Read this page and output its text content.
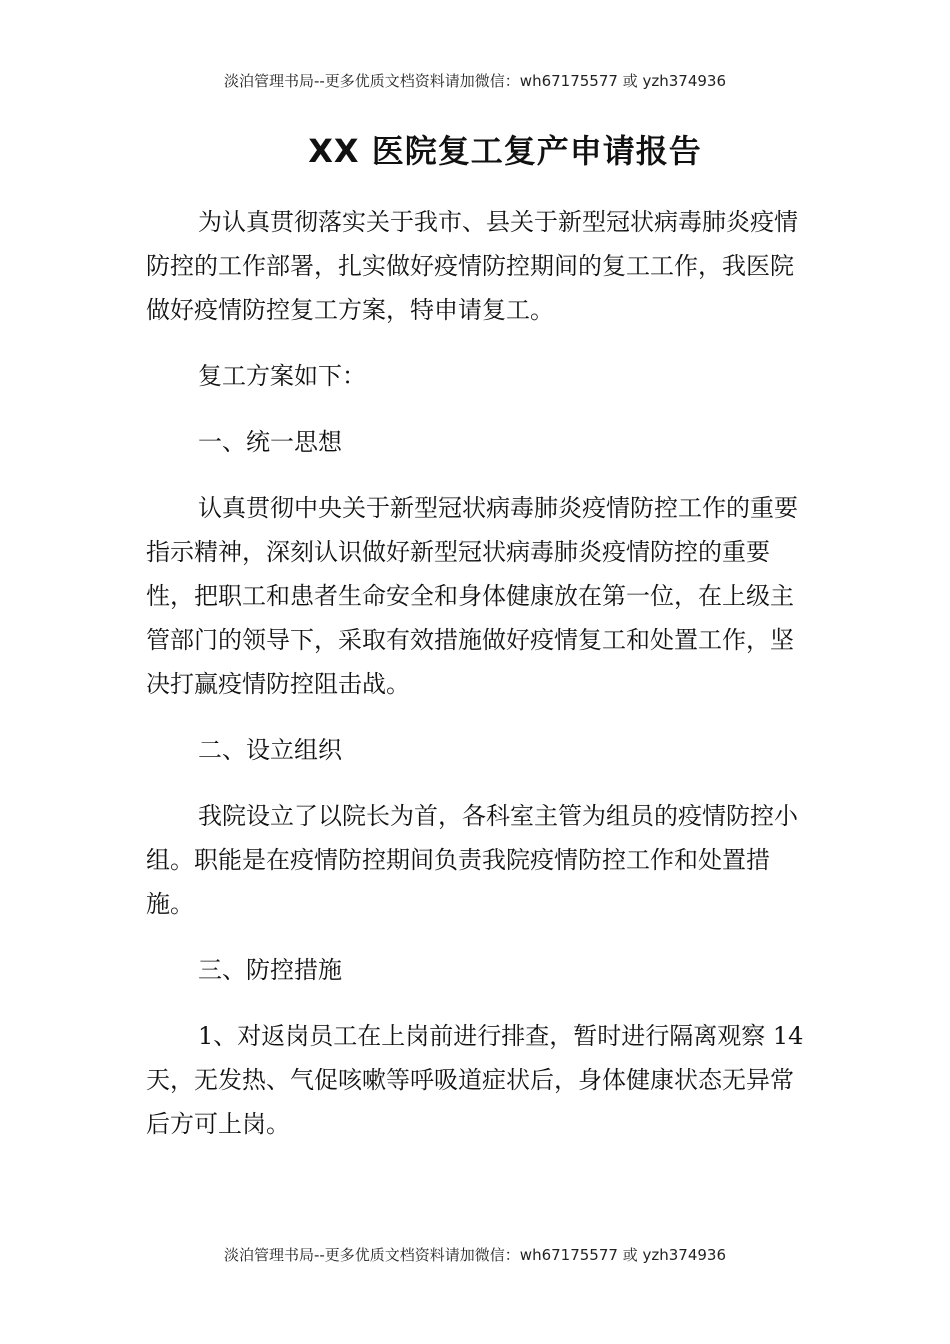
淡泊管理书局--更多优质文档资料请加微信：wh67175577 或 yzh374936
XX 医院复工复产申请报告

为认真贯彻落实关于我市、县关于新型冠状病毒肺炎疫情防控的工作部署，扎实做好疫情防控期间的复工工作，我医院做好疫情防控复工方案，特申请复工。

复工方案如下：

一、统一思想

认真贯彻中央关于新型冠状病毒肺炎疫情防控工作的重要指示精神，深刻认识做好新型冠状病毒肺炎疫情防控的重要性，把职工和患者生命安全和身体健康放在第一位，在上级主管部门的领导下，采取有效措施做好疫情复工和处置工作，坚决打赢疫情防控阻击战。

二、设立组织

我院设立了以院长为首，各科室主管为组员的疫情防控小组。职能是在疫情防控期间负责我院疫情防控工作和处置措施。

三、防控措施

1、对返岗员工在上岗前进行排查，暂时进行隔离观察 14 天，无发热、气促咳嗽等呼吸道症状后，身体健康状态无异常后方可上岗。

淡泊管理书局--更多优质文档资料请加微信：wh67175577 或 yzh374936
